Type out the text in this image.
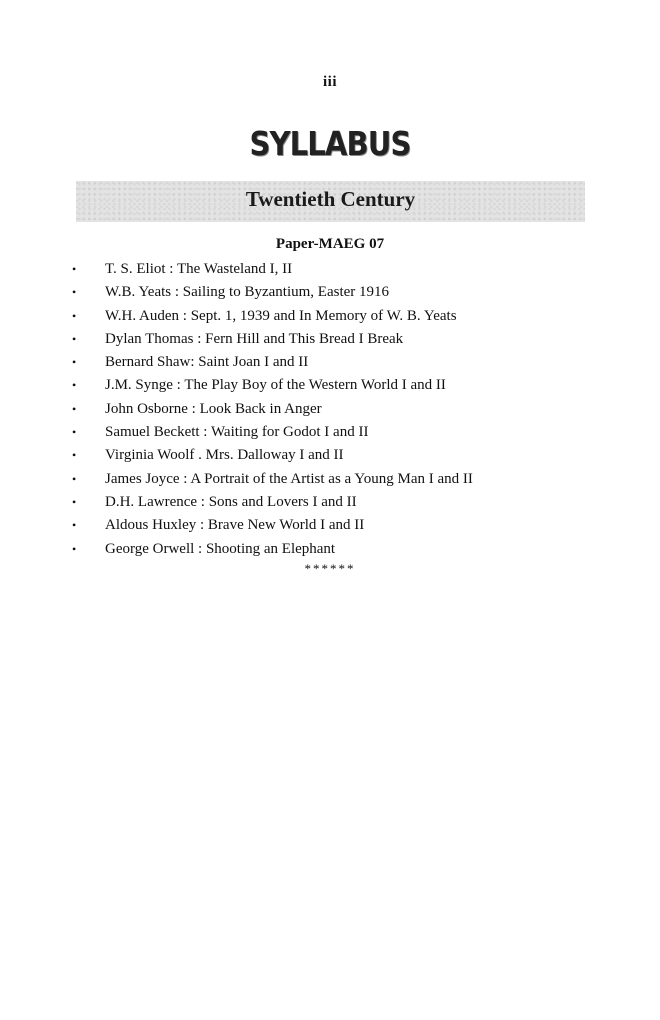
iii
SYLLABUS
Twentieth Century
Paper-MAEG 07
• T. S. Eliot : The Wasteland I, II
• W.B. Yeats : Sailing to Byzantium, Easter 1916
• W.H. Auden : Sept. 1, 1939 and In Memory of W. B. Yeats
• Dylan Thomas : Fern Hill and This Bread I Break
• Bernard Shaw: Saint Joan I and II
• J.M. Synge : The Play Boy of the Western World I and II
• John Osborne : Look Back in Anger
• Samuel Beckett : Waiting for Godot I and II
• Virginia Woolf . Mrs. Dalloway I and II
• James Joyce : A Portrait of the Artist as a Young Man I and II
• D.H. Lawrence : Sons and Lovers I and II
• Aldous Huxley : Brave New World I and II
• George Orwell : Shooting an Elephant
******
